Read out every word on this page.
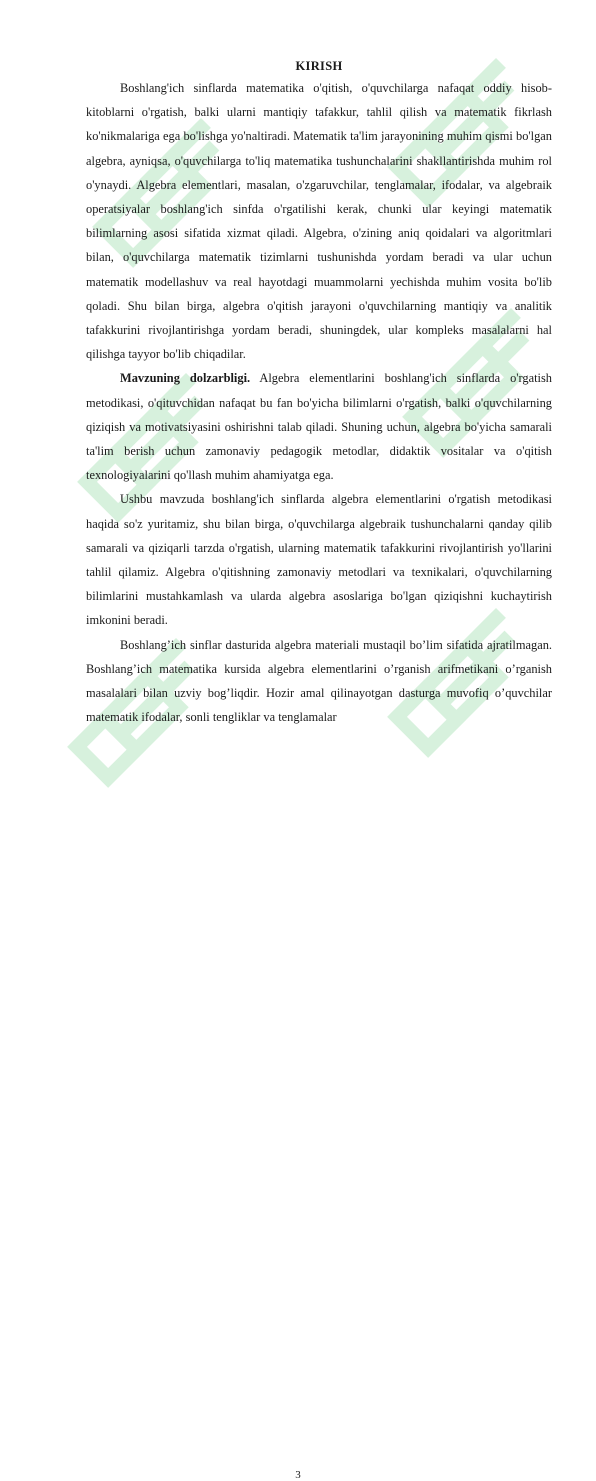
KIRISH

Boshlang'ich sinflarda matematika o'qitish, o'quvchilarga nafaqat oddiy hisob-kitoblarni o'rgatish, balki ularni mantiqiy tafakkur, tahlil qilish va matematik fikrlash ko'nikmalariga ega bo'lishga yo'naltiradi. Matematik ta'lim jarayonining muhim qismi bo'lgan algebra, ayniqsa, o'quvchilarga to'liq matematika tushunchalarini shakllantirishda muhim rol o'ynaydi. Algebra elementlari, masalan, o'zgaruvchilar, tenglamalar, ifodalar, va algebraik operatsiyalar boshlang'ich sinfda o'rgatilishi kerak, chunki ular keyingi matematik bilimlarning asosi sifatida xizmat qiladi. Algebra, o'zining aniq qoidalari va algoritmlari bilan, o'quvchilarga matematik tizimlarni tushunishda yordam beradi va ular uchun matematik modellashuv va real hayotdagi muammolarni yechishda muhim vosita bo'lib qoladi. Shu bilan birga, algebra o'qitish jarayoni o'quvchilarning mantiqiy va analitik tafakkurini rivojlantirishga yordam beradi, shuningdek, ular kompleks masalalarni hal qilishga tayyor bo'lib chiqadilar.

Mavzuning dolzarbligi. Algebra elementlarini boshlang'ich sinflarda o'rgatish metodikasi, o'qituvchidan nafaqat bu fan bo'yicha bilimlarni o'rgatish, balki o'quvchilarning qiziqish va motivatsiyasini oshirishni talab qiladi. Shuning uchun, algebra bo'yicha samarali ta'lim berish uchun zamonaviy pedagogik metodlar, didaktik vositalar va o'qitish texnologiyalarini qo'llash muhim ahamiyatga ega.

Ushbu mavzuda boshlang'ich sinflarda algebra elementlarini o'rgatish metodikasi haqida so'z yuritamiz, shu bilan birga, o'quvchilarga algebraik tushunchalarni qanday qilib samarali va qiziqarli tarzda o'rgatish, ularning matematik tafakkurini rivojlantirish yo'llarini tahlil qilamiz. Algebra o'qitishning zamonaviy metodlari va texnikalari, o'quvchilarning bilimlarini mustahkamlash va ularda algebra asoslariga bo'lgan qiziqishni kuchaytirish imkonini beradi.

Boshlang’ich sinflar dasturida algebra materiali mustaqil bo’lim sifatida ajratilmagan. Boshlang’ich matematika kursida algebra elementlarini o’rganish arifmetikani o’rganish masalalari bilan uzviy bog’liqdir. Hozir amal qilinayotgan dasturga muvofiq o’quvchilar matematik ifodalar, sonli tengliklar va tenglamalar

3
